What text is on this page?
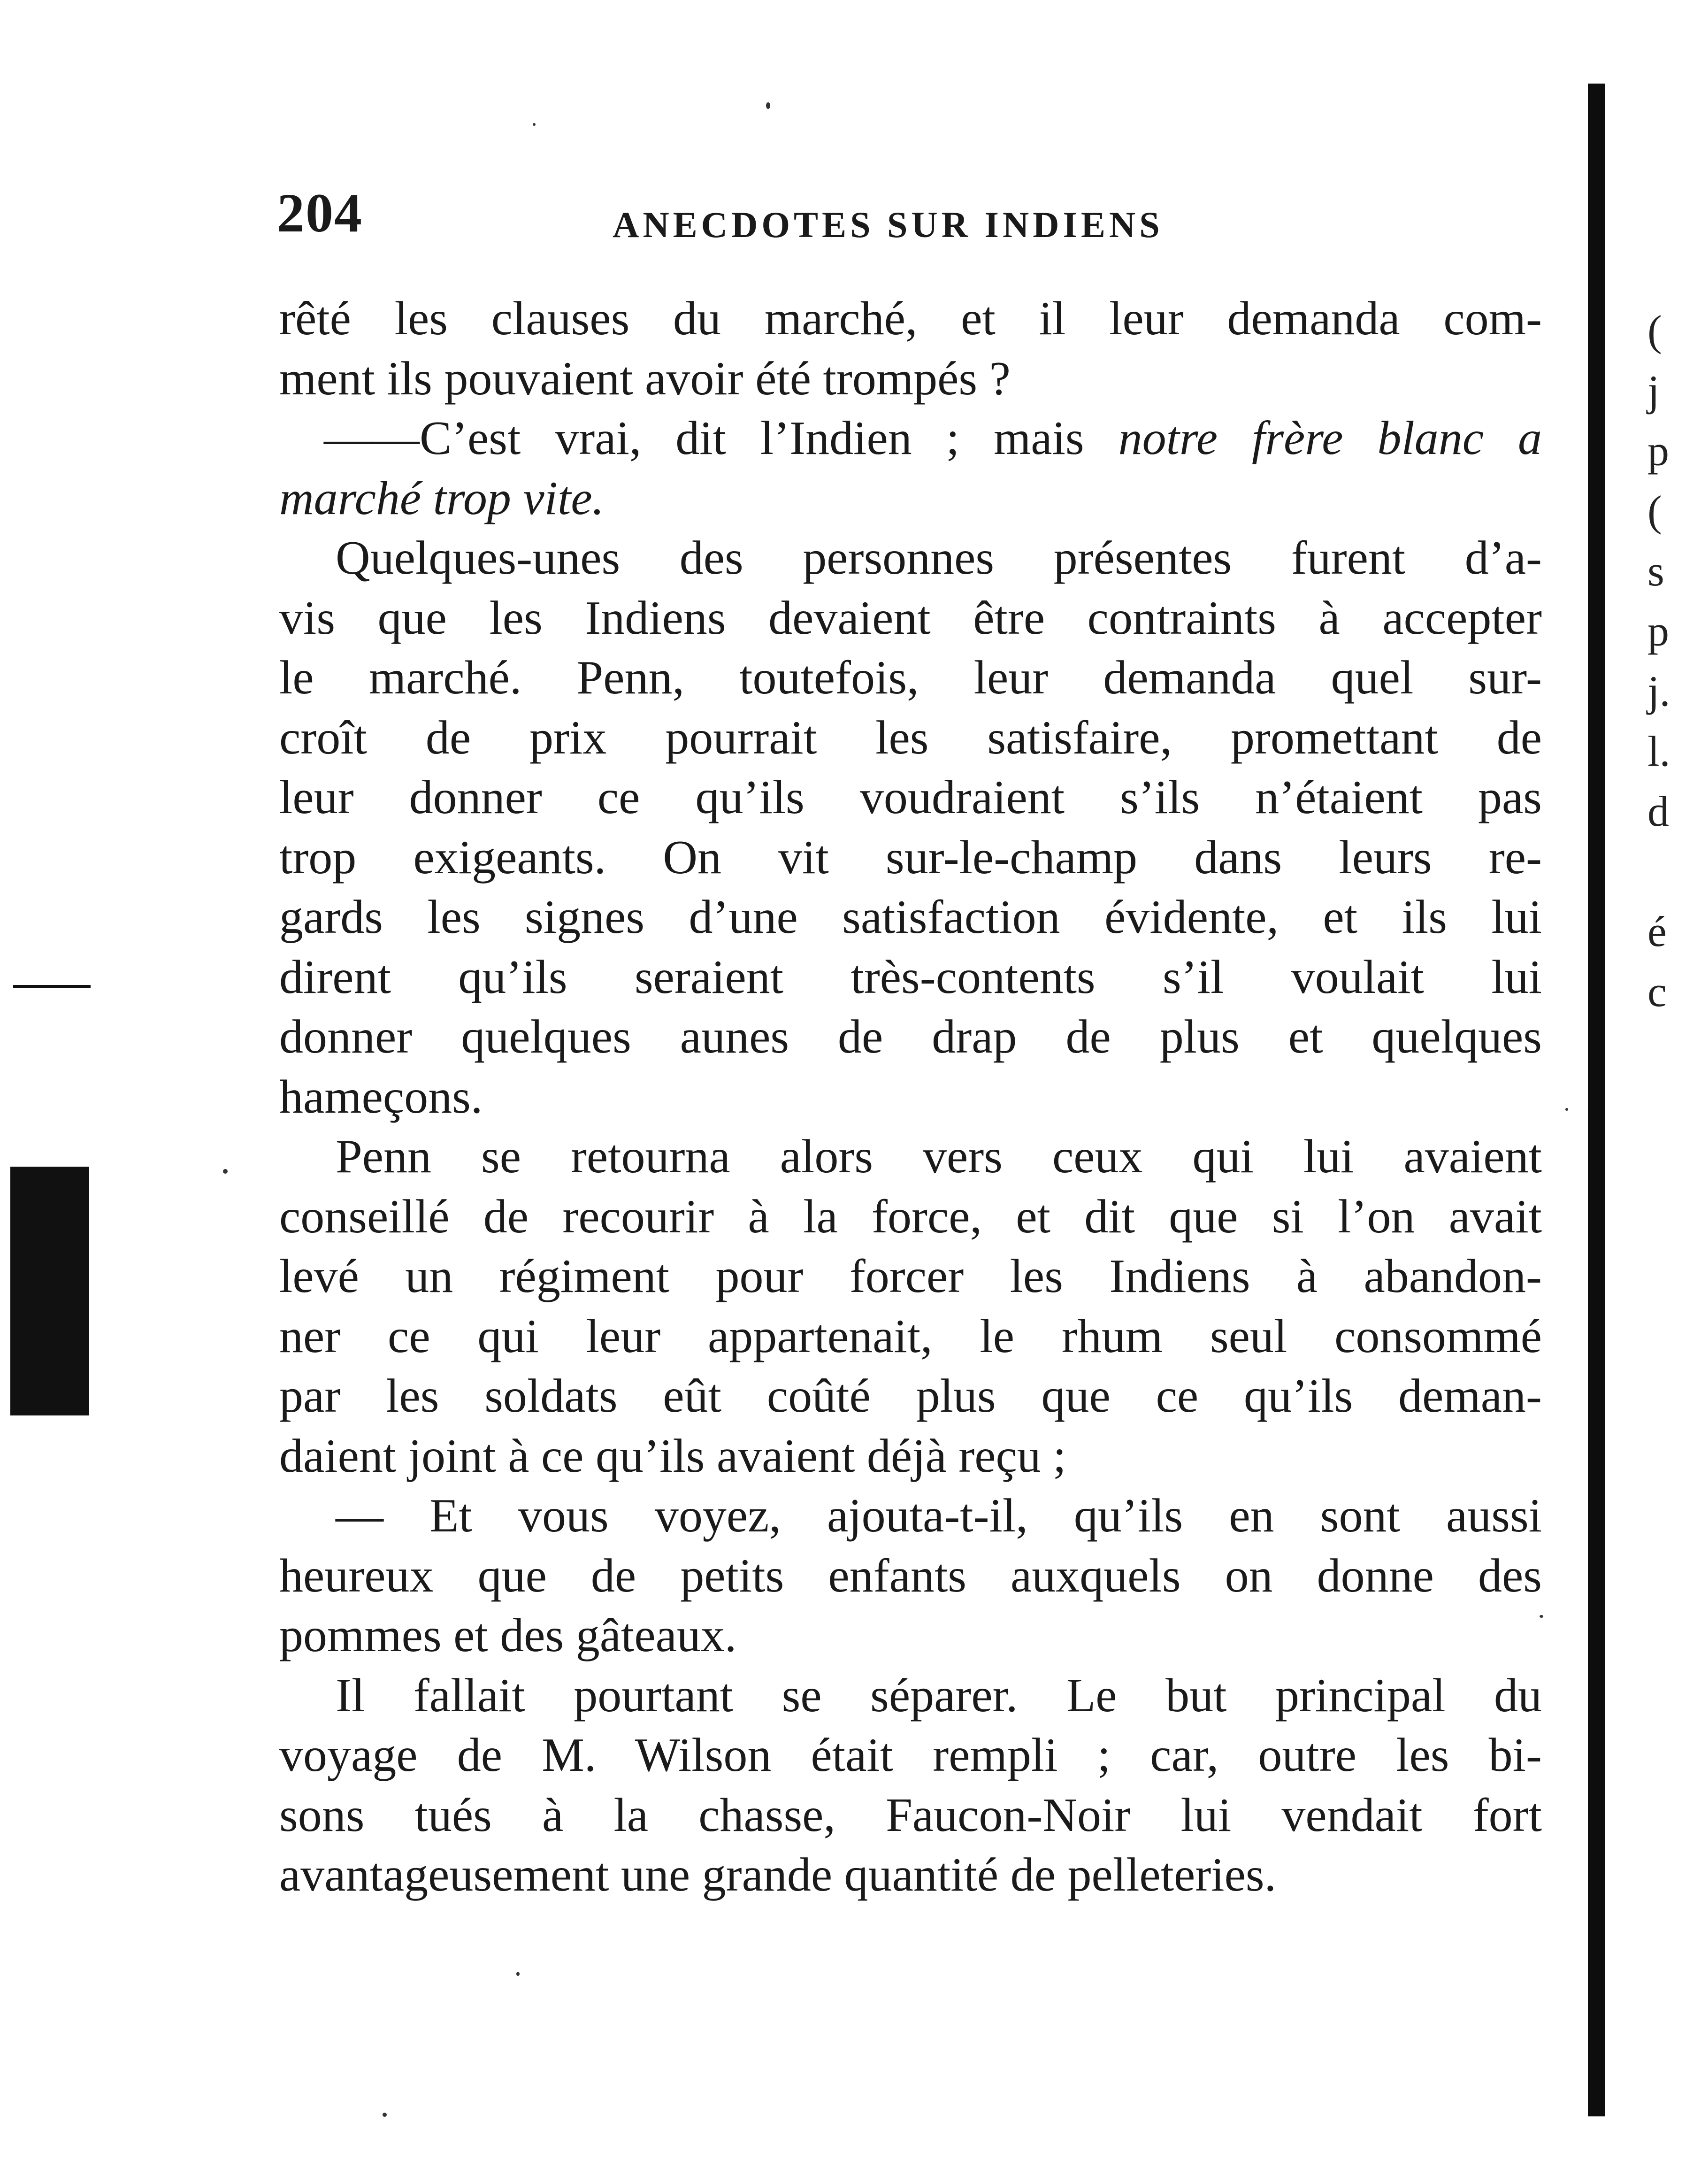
204	ANECDOTES SUR INDIENS
rêté les clauses du marché, et il leur demanda com-
ment ils pouvaient avoir été trompés ?
——C’est vrai, dit l’Indien ; mais notre frère blanc a
marché trop vite.
Quelques-unes des personnes présentes furent d’a-
vis que les Indiens devaient être contraints à accepter
le marché. Penn, toutefois, leur demanda quel sur-
croît de prix pourrait les satisfaire, promettant de
leur donner ce qu’ils voudraient s’ils n’étaient pas
trop exigeants. On vit sur-le-champ dans leurs re-
gards les signes d’une satisfaction évidente, et ils lui
dirent qu’ils seraient très-contents s’il voulait lui
donner quelques aunes de drap de plus et quelques
hameçons.
Penn se retourna alors vers ceux qui lui avaient
conseillé de recourir à la force, et dit que si l’on avait
levé un régiment pour forcer les Indiens à abandon-
ner ce qui leur appartenait, le rhum seul consommé
par les soldats eût coûté plus que ce qu’ils deman-
daient joint à ce qu’ils avaient déjà reçu ;
— Et vous voyez, ajouta-t-il, qu’ils en sont aussi
heureux que de petits enfants auxquels on donne des
pommes et des gâteaux.
Il fallait pourtant se séparer. Le but principal du
voyage de M. Wilson était rempli ; car, outre les bi-
sons tués à la chasse, Faucon-Noir lui vendait fort
avantageusement une grande quantité de pelleteries.
(
j
p
(
s
p
j.
l.
d
é
c
